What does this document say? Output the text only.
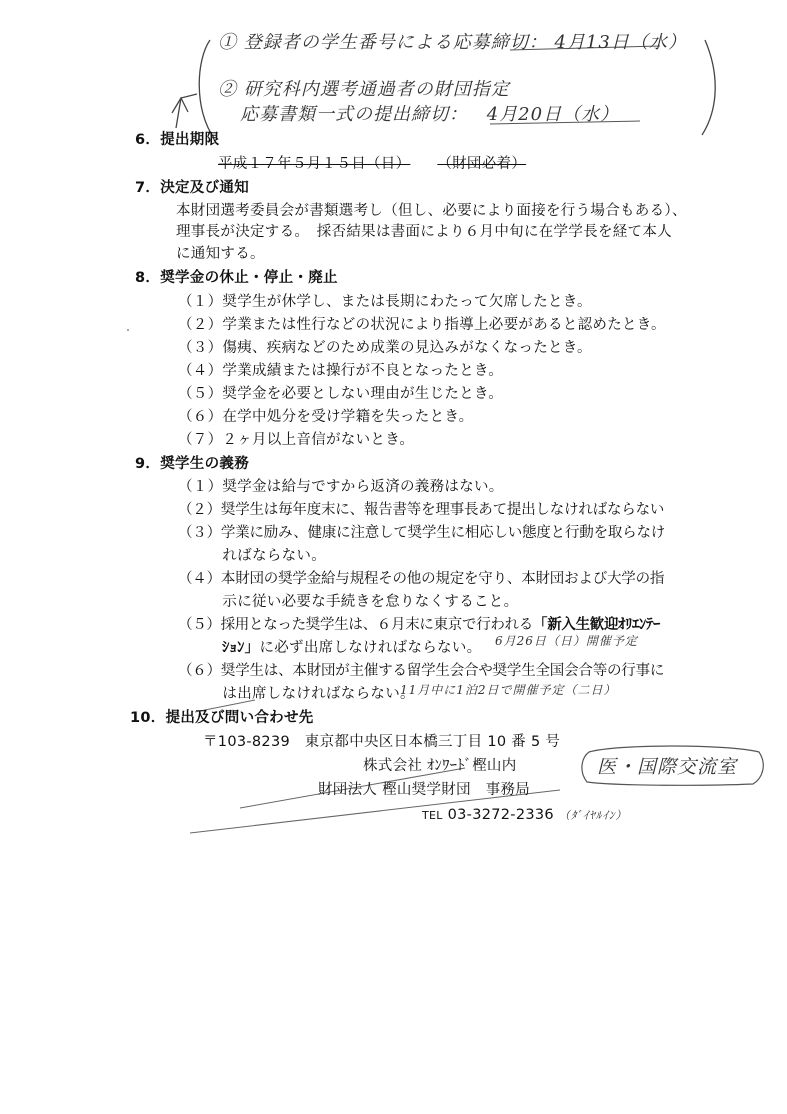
① 登録者の学生番号による応募締切： 4月13日（水）
② 研究科内選考通過者の財団指定
応募書類一式の提出締切： 4月20日（水）
6．提出期限
平成１７年５月１５日（日） （財団必着）
7．決定及び通知
本財団選考委員会が書類選考し（但し、必要により面接を行う場合もある）、
理事長が決定する。　採否結果は書面により６月中旬に在学学長を経て本人
に通知する。
8．奨学金の休止・停止・廃止
（１）奨学生が休学し、または長期にわたって欠席したとき。
（２）学業または性行などの状況により指導上必要があると認めたとき。
（３）傷痍、疾病などのため成業の見込みがなくなったとき。
（４）学業成績または操行が不良となったとき。
（５）奨学金を必要としない理由が生じたとき。
（６）在学中処分を受け学籍を失ったとき。
（７）２ヶ月以上音信がないとき。
9．奨学生の義務
（１）奨学金は給与ですから返済の義務はない。
（２）奨学生は毎年度末に、報告書等を理事長あて提出しなければならない
（３）学業に励み、健康に注意して奨学生に相応しい態度と行動を取らなけ
　　　ればならない。
（４）本財団の奨学金給与規程その他の規定を守り、本財団および大学の指
　　　示に従い必要な手続きを怠りなくすること。
（５）採用となった奨学生は、６月末に東京で行われる「新入生歓迎ｵﾘｴﾝﾃｰ
ｼｮﾝ」に必ず出席しなければならない。 6月26日（日）開催予定
（６）奨学生は、本財団が主催する留学生会合や奨学生全国会合等の行事に
　　　は出席しなければならない。
11月中に1泊2日で開催予定（二日）
10．提出及び問い合わせ先
〒103-8239　東京都中央区日本橋三丁目 10 番 5 号
株式会社 ｵﾝﾜｰﾄﾞ樫山内
財団法人 樫山奨学財団　事務局
TEL 03-3272-2336 （ﾀﾞｲﾔﾙｲﾝ）
医・国際交流室
